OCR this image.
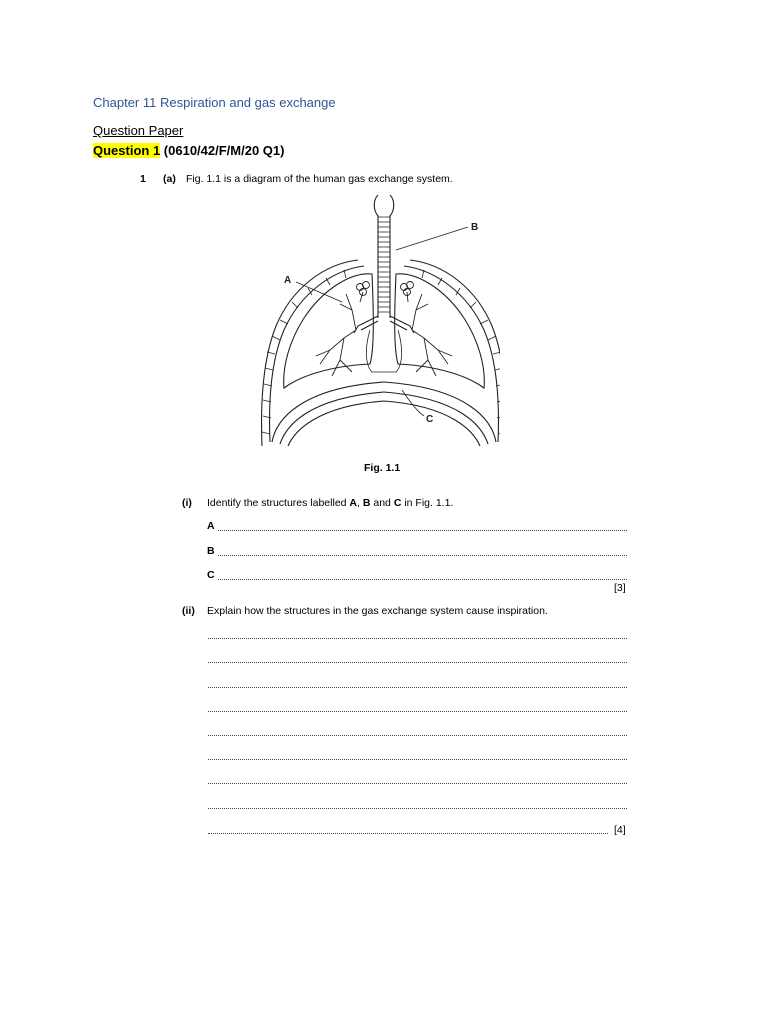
Chapter 11 Respiration and gas exchange
Question Paper
Question 1 (0610/42/F/M/20 Q1)
1 (a) Fig. 1.1 is a diagram of the human gas exchange system.
B
A
C
Fig. 1.1
(i) Identify the structures labelled A, B and C in Fig. 1.1.
A
B
C
[3]
(ii) Explain how the structures in the gas exchange system cause inspiration.
[4]
